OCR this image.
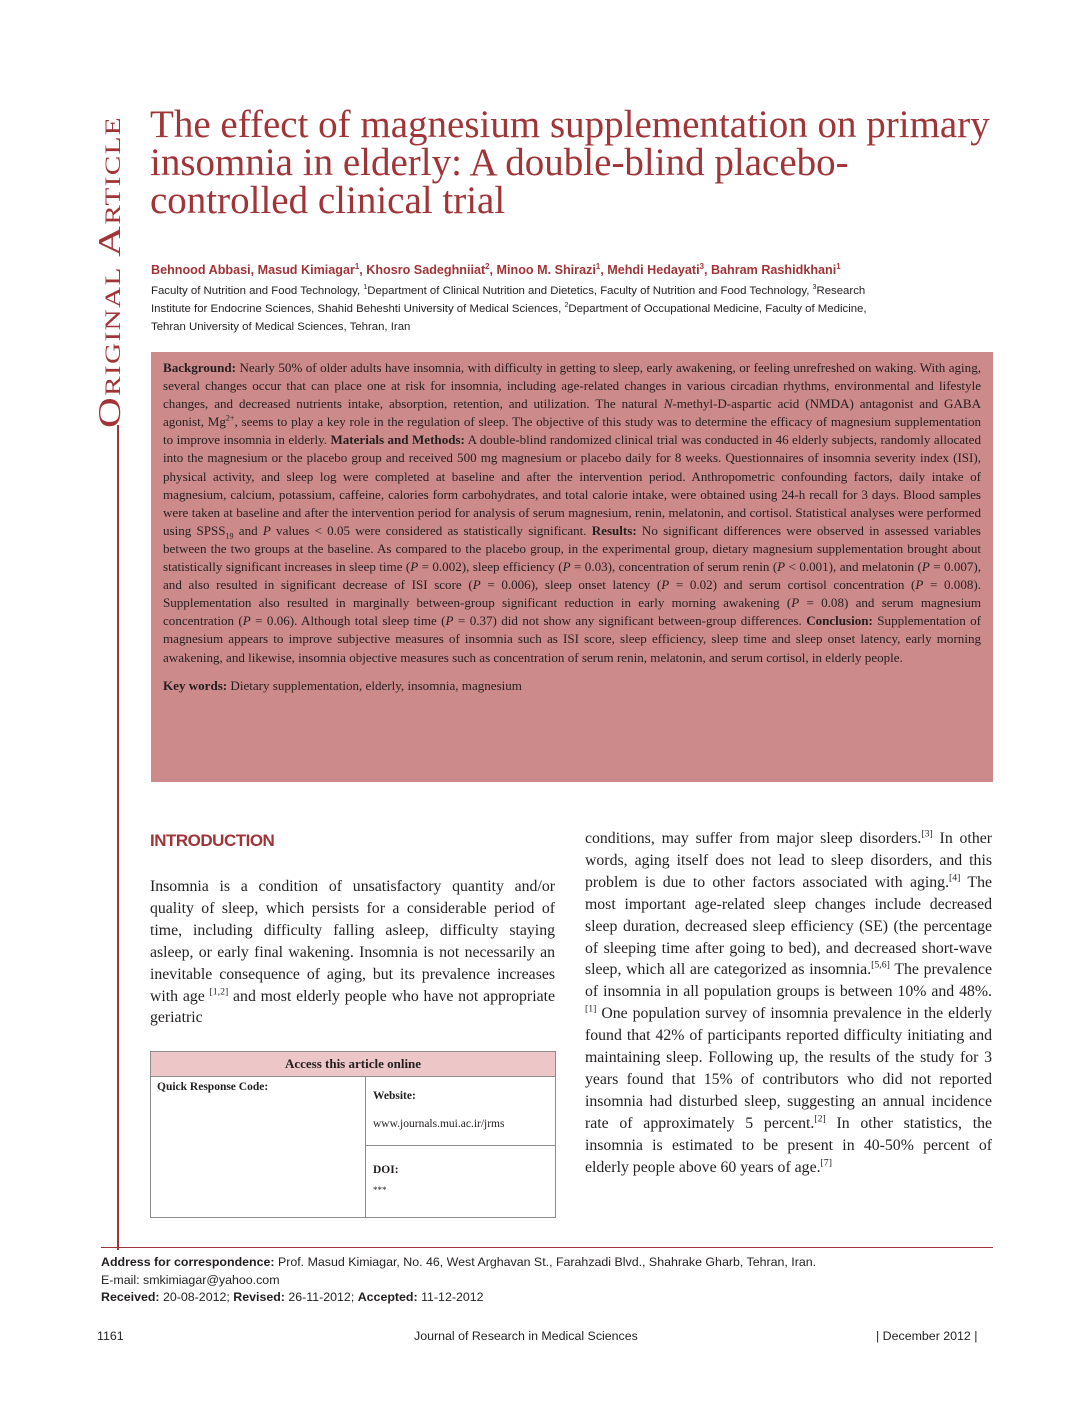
Original Article
The effect of magnesium supplementation on primary insomnia in elderly: A double-blind placebo-controlled clinical trial
Behnood Abbasi, Masud Kimiagar$^1$, Khosro Sadeghniiat$^2$, Minoo M. Shirazi$^1$, Mehdi Hedayati$^3$, Bahram Rashidkhani$^1$
Faculty of Nutrition and Food Technology, $^1$Department of Clinical Nutrition and Dietetics, Faculty of Nutrition and Food Technology, $^3$Research
Institute for Endocrine Sciences, Shahid Beheshti University of Medical Sciences, $^2$Department of Occupational Medicine, Faculty of Medicine,
Tehran University of Medical Sciences, Tehran, Iran

Background: Nearly 50% of older adults have insomnia, with difficulty in getting to sleep, early awakening, or feeling unrefreshed on waking. With aging, several changes occur that can place one at risk for insomnia, including age-related changes in various circadian rhythms, environmental and lifestyle changes, and decreased nutrients intake, absorption, retention, and utilization. The natural N-methyl-D-aspartic acid (NMDA) antagonist and GABA agonist, $Mg^{2+}$, seems to play a key role in the regulation of sleep. The objective of this study was to determine the efficacy of magnesium supplementation to improve insomnia in elderly. Materials and Methods: A double-blind randomized clinical trial was conducted in 46 elderly subjects, randomly allocated into the magnesium or the placebo group and received 500 mg magnesium or placebo daily for 8 weeks. Questionnaires of insomnia severity index (ISI), physical activity, and sleep log were completed at baseline and after the intervention period. Anthropometric confounding factors, daily intake of magnesium, calcium, potassium, caffeine, calories form carbohydrates, and total calorie intake, were obtained using 24-h recall for 3 days. Blood samples were taken at baseline and after the intervention period for analysis of serum magnesium, renin, melatonin, and cortisol. Statistical analyses were performed using $SPSS_{19}$ and P values < 0.05 were considered as statistically significant. Results: No significant differences were observed in assessed variables between the two groups at the baseline. As compared to the placebo group, in the experimental group, dietary magnesium supplementation brought about statistically significant increases in sleep time (P = 0.002), sleep efficiency (P = 0.03), concentration of serum renin (P < 0.001), and melatonin (P = 0.007), and also resulted in significant decrease of ISI score (P = 0.006), sleep onset latency (P = 0.02) and serum cortisol concentration (P = 0.008). Supplementation also resulted in marginally between-group significant reduction in early morning awakening (P = 0.08) and serum magnesium concentration (P = 0.06). Although total sleep time (P = 0.37) did not show any significant between-group differences. Conclusion: Supplementation of magnesium appears to improve subjective measures of insomnia such as ISI score, sleep efficiency, sleep time and sleep onset latency, early morning awakening, and likewise, insomnia objective measures such as concentration of serum renin, melatonin, and serum cortisol, in elderly people.

Key words: Dietary supplementation, elderly, insomnia, magnesium

INTRODUCTION

Insomnia is a condition of unsatisfactory quantity and/or quality of sleep, which persists for a considerable period of time, including difficulty falling asleep, difficulty staying asleep, or early final wakening. Insomnia is not necessarily an inevitable consequence of aging, but its prevalence increases with age [1,2] and most elderly people who have not appropriate geriatric

conditions, may suffer from major sleep disorders.[3] In other words, aging itself does not lead to sleep disorders, and this problem is due to other factors associated with aging.[4] The most important age-related sleep changes include decreased sleep duration, decreased sleep efficiency (SE) (the percentage of sleeping time after going to bed), and decreased short-wave sleep, which all are categorized as insomnia.[5,6] The prevalence of insomnia in all population groups is between 10% and 48%.[1] One population survey of insomnia prevalence in the elderly found that 42% of participants reported difficulty initiating and maintaining sleep. Following up, the results of the study for 3 years found that 15% of contributors who did not reported insomnia had disturbed sleep, suggesting an annual incidence rate of approximately 5 percent.[2] In other statistics, the insomnia is estimated to be present in 40-50% percent of elderly people above 60 years of age.[7]

Access this article online
Quick Response Code:
Website:
www.journals.mui.ac.ir/jrms
DOI:
***
Address for correspondence: Prof. Masud Kimiagar, No. 46, West Arghavan St., Farahzadi Blvd., Shahrake Gharb, Tehran, Iran.
E-mail: smkimiagar@yahoo.com
Received: 20-08-2012; Revised: 26-11-2012; Accepted: 11-12-2012
1161	Journal of Research in Medical Sciences	| December 2012 |
